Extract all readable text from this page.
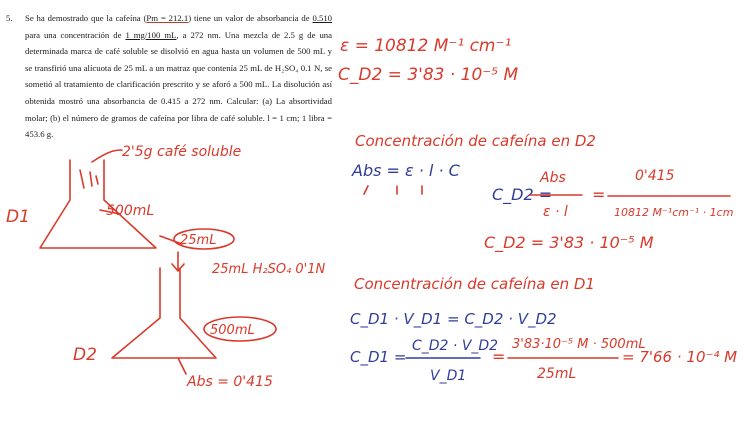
5. Se ha demostrado que la cafeína (Pm = 212.1) tiene un valor de absorbancia de 0.510 para una concentración de 1 mg/100 mL, a 272 nm. Una mezcla de 2.5 g de una determinada marca de café soluble se disolvió en agua hasta un volumen de 500 mL y se transfirió una alícuota de 25 mL a un matraz que contenía 25 mL de H₂SO₄ 0.1 N, se sometió al tratamiento de clarificación prescrito y se aforó a 500 mL. La disolución así obtenida mostró una absorbancia de 0.415 a 272 nm. Calcular: (a) La absortividad molar; (b) el número de gramos de cafeína por libra de café soluble. l = 1 cm; 1 libra = 453.6 g.
ε = 10812 M⁻¹ cm⁻¹
C_D2 = 3'83 · 10⁻⁵ M
2'5g café soluble
500mL
D1
25mL
25mL H₂SO₄ 0'1N
500mL
D2
Abs = 0'415
Concentración de cafeína en D2
Abs = ε · l · C
C_D2 =
Abs
ε · l
=
0'415
10812 M⁻¹cm⁻¹ · 1cm
C_D2 = 3'83 · 10⁻⁵ M
Concentración de cafeína en D1
C_D1 · V_D1 = C_D2 · V_D2
C_D1 =
C_D2 · V_D2
V_D1
=
3'83·10⁻⁵ M · 500mL
25mL
= 7'66 · 10⁻⁴ M
